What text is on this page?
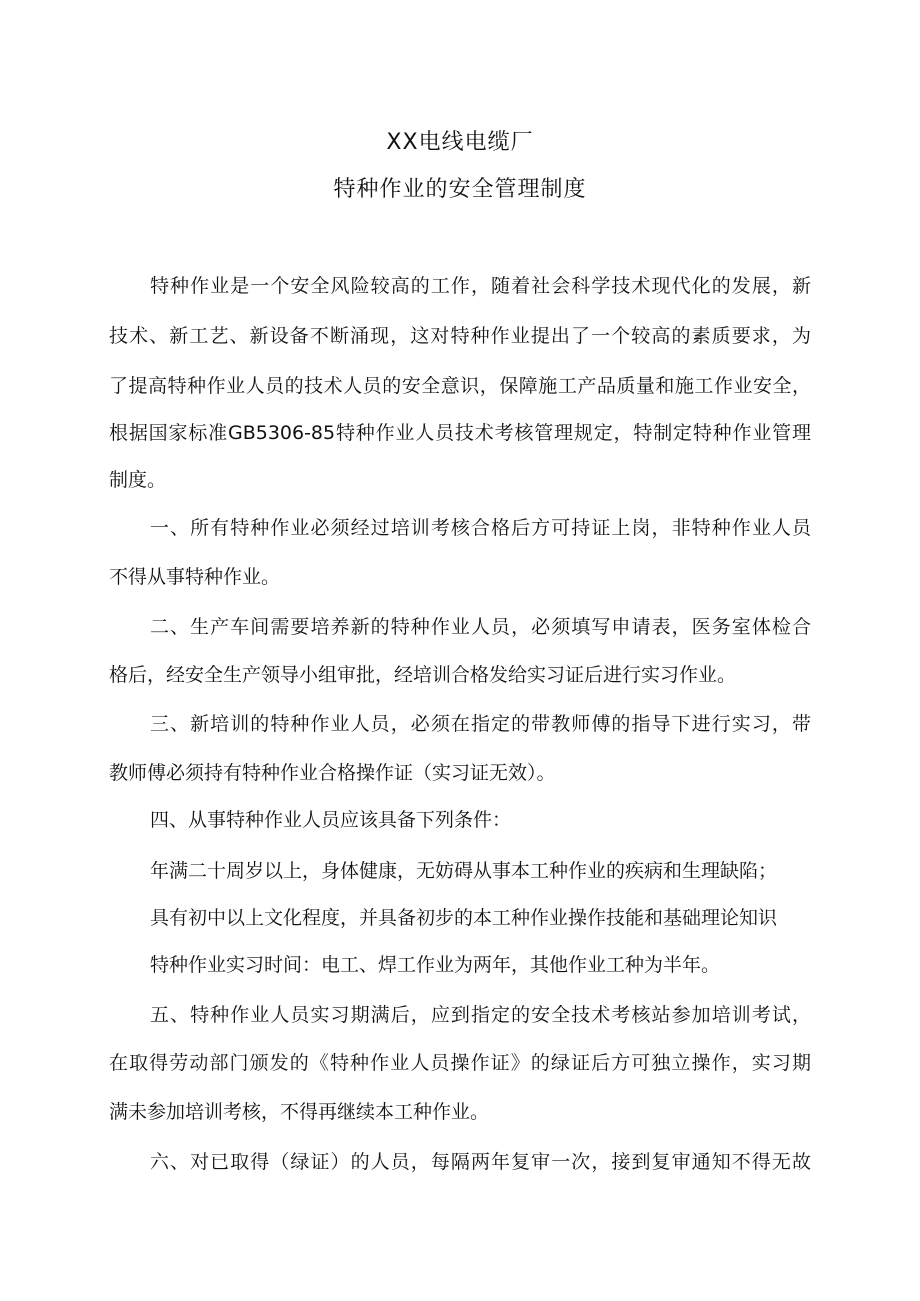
XX电线电缆厂
特种作业的安全管理制度
特种作业是一个安全风险较高的工作，随着社会科学技术现代化的发展，新
技术、新工艺、新设备不断涌现，这对特种作业提出了一个较高的素质要求，为
了提高特种作业人员的技术人员的安全意识，保障施工产品质量和施工作业安全，
根据国家标准GB5306-85特种作业人员技术考核管理规定，特制定特种作业管理
制度。
一、所有特种作业必须经过培训考核合格后方可持证上岗，非特种作业人员
不得从事特种作业。
二、生产车间需要培养新的特种作业人员，必须填写申请表，医务室体检合
格后，经安全生产领导小组审批，经培训合格发给实习证后进行实习作业。
三、新培训的特种作业人员，必须在指定的带教师傅的指导下进行实习，带
教师傅必须持有特种作业合格操作证（实习证无效）。
四、从事特种作业人员应该具备下列条件：
年满二十周岁以上，身体健康，无妨碍从事本工种作业的疾病和生理缺陷；
具有初中以上文化程度，并具备初步的本工种作业操作技能和基础理论知识
特种作业实习时间：电工、焊工作业为两年，其他作业工种为半年。
五、特种作业人员实习期满后，应到指定的安全技术考核站参加培训考试，
在取得劳动部门颁发的《特种作业人员操作证》的绿证后方可独立操作，实习期
满未参加培训考核，不得再继续本工种作业。
六、对已取得（绿证）的人员，每隔两年复审一次，接到复审通知不得无故
